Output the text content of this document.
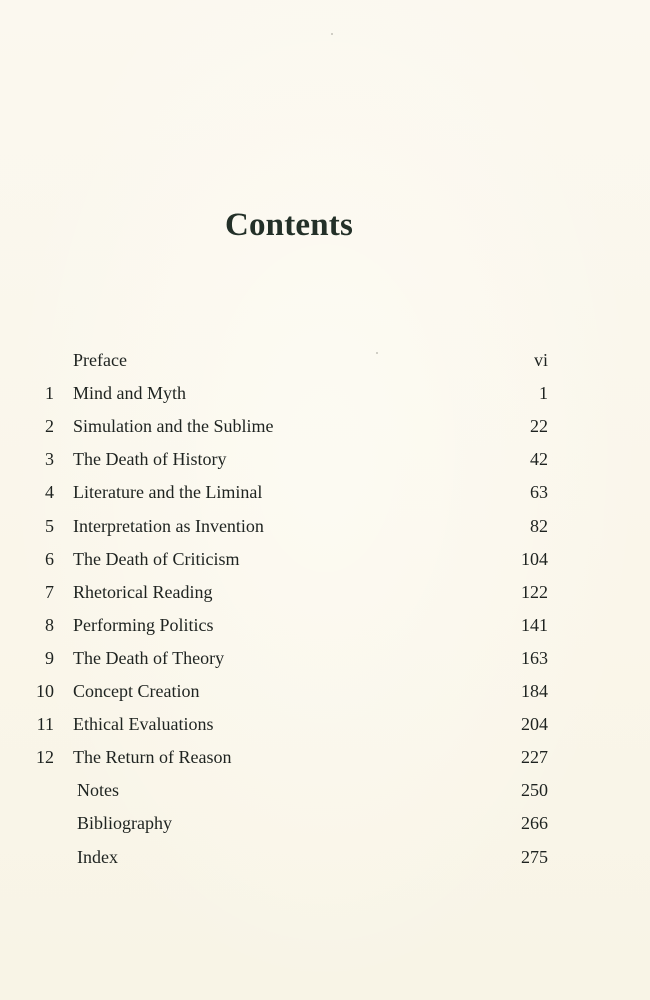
Contents
Preface	vi
1 Mind and Myth	1
2 Simulation and the Sublime	22
3 The Death of History	42
4 Literature and the Liminal	63
5 Interpretation as Invention	82
6 The Death of Criticism	104
7 Rhetorical Reading	122
8 Performing Politics	141
9 The Death of Theory	163
10 Concept Creation	184
11 Ethical Evaluations	204
12 The Return of Reason	227
Notes	250
Bibliography	266
Index	275
